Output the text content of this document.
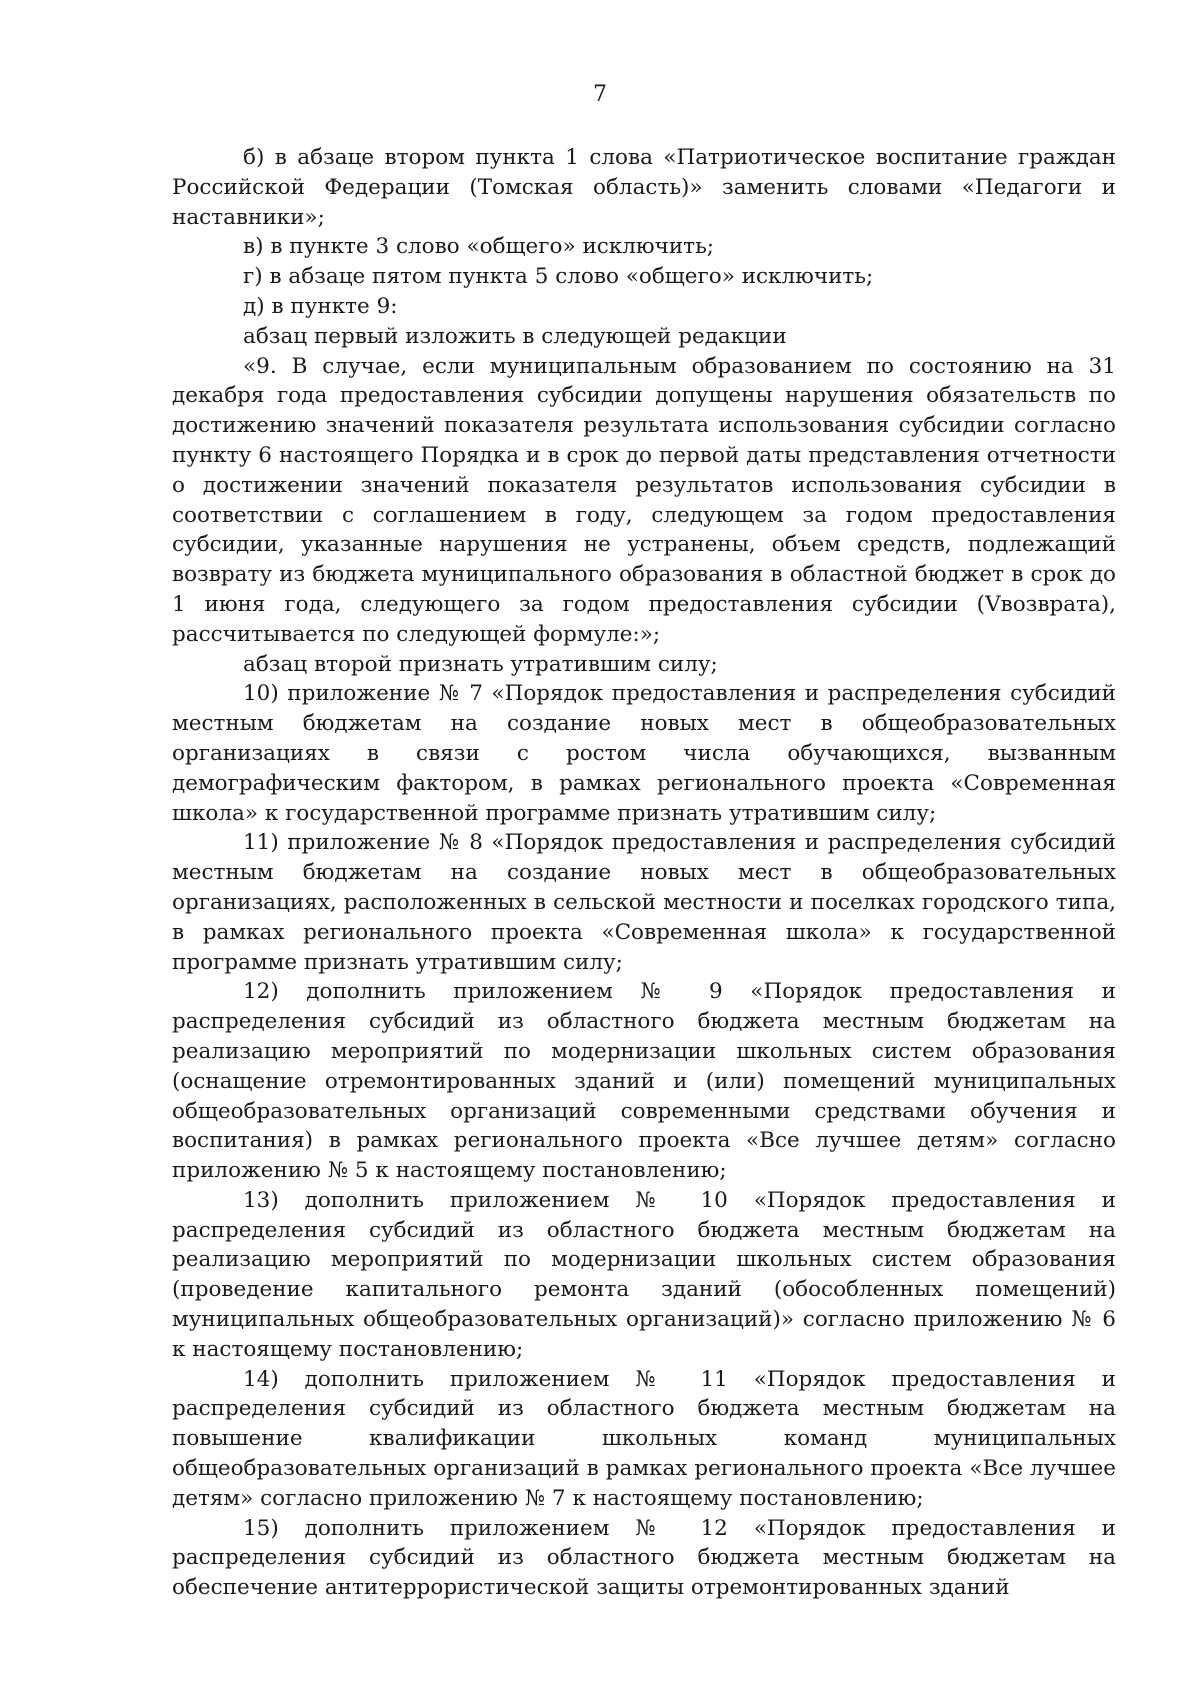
7

б) в абзаце втором пункта 1 слова «Патриотическое воспитание граждан Российской Федерации (Томская область)» заменить словами «Педагоги и наставники»;

в) в пункте 3 слово «общего» исключить;

г) в абзаце пятом пункта 5 слово «общего» исключить;

д) в пункте 9:

абзац первый изложить в следующей редакции

«9. В случае, если муниципальным образованием по состоянию на 31 декабря года предоставления субсидии допущены нарушения обязательств по достижению значений показателя результата использования субсидии согласно пункту 6 настоящего Порядка и в срок до первой даты представления отчетности о достижении значений показателя результатов использования субсидии в соответствии с соглашением в году, следующем за годом предоставления субсидии, указанные нарушения не устранены, объем средств, подлежащий возврату из бюджета муниципального образования в областной бюджет в срок до 1 июня года, следующего за годом предоставления субсидии (Vвозврата), рассчитывается по следующей формуле:»;

абзац второй признать утратившим силу;

10) приложение № 7 «Порядок предоставления и распределения субсидий местным бюджетам на создание новых мест в общеобразовательных организациях в связи с ростом числа обучающихся, вызванным демографическим фактором, в рамках регионального проекта «Современная школа» к государственной программе признать утратившим силу;

11) приложение № 8 «Порядок предоставления и распределения субсидий местным бюджетам на создание новых мест в общеобразовательных организациях, расположенных в сельской местности и поселках городского типа, в рамках регионального проекта «Современная школа» к государственной программе признать утратившим силу;

12) дополнить приложением № 9 «Порядок предоставления и распределения субсидий из областного бюджета местным бюджетам на реализацию мероприятий по модернизации школьных систем образования (оснащение отремонтированных зданий и (или) помещений муниципальных общеобразовательных организаций современными средствами обучения и воспитания) в рамках регионального проекта «Все лучшее детям» согласно приложению № 5 к настоящему постановлению;

13) дополнить приложением № 10 «Порядок предоставления и распределения субсидий из областного бюджета местным бюджетам на реализацию мероприятий по модернизации школьных систем образования (проведение капитального ремонта зданий (обособленных помещений) муниципальных общеобразовательных организаций)» согласно приложению № 6 к настоящему постановлению;

14) дополнить приложением № 11 «Порядок предоставления и распределения субсидий из областного бюджета местным бюджетам на повышение квалификации школьных команд муниципальных общеобразовательных организаций в рамках регионального проекта «Все лучшее детям» согласно приложению № 7 к настоящему постановлению;

15) дополнить приложением № 12 «Порядок предоставления и распределения субсидий из областного бюджета местным бюджетам на обеспечение антитеррористической защиты отремонтированных зданий
